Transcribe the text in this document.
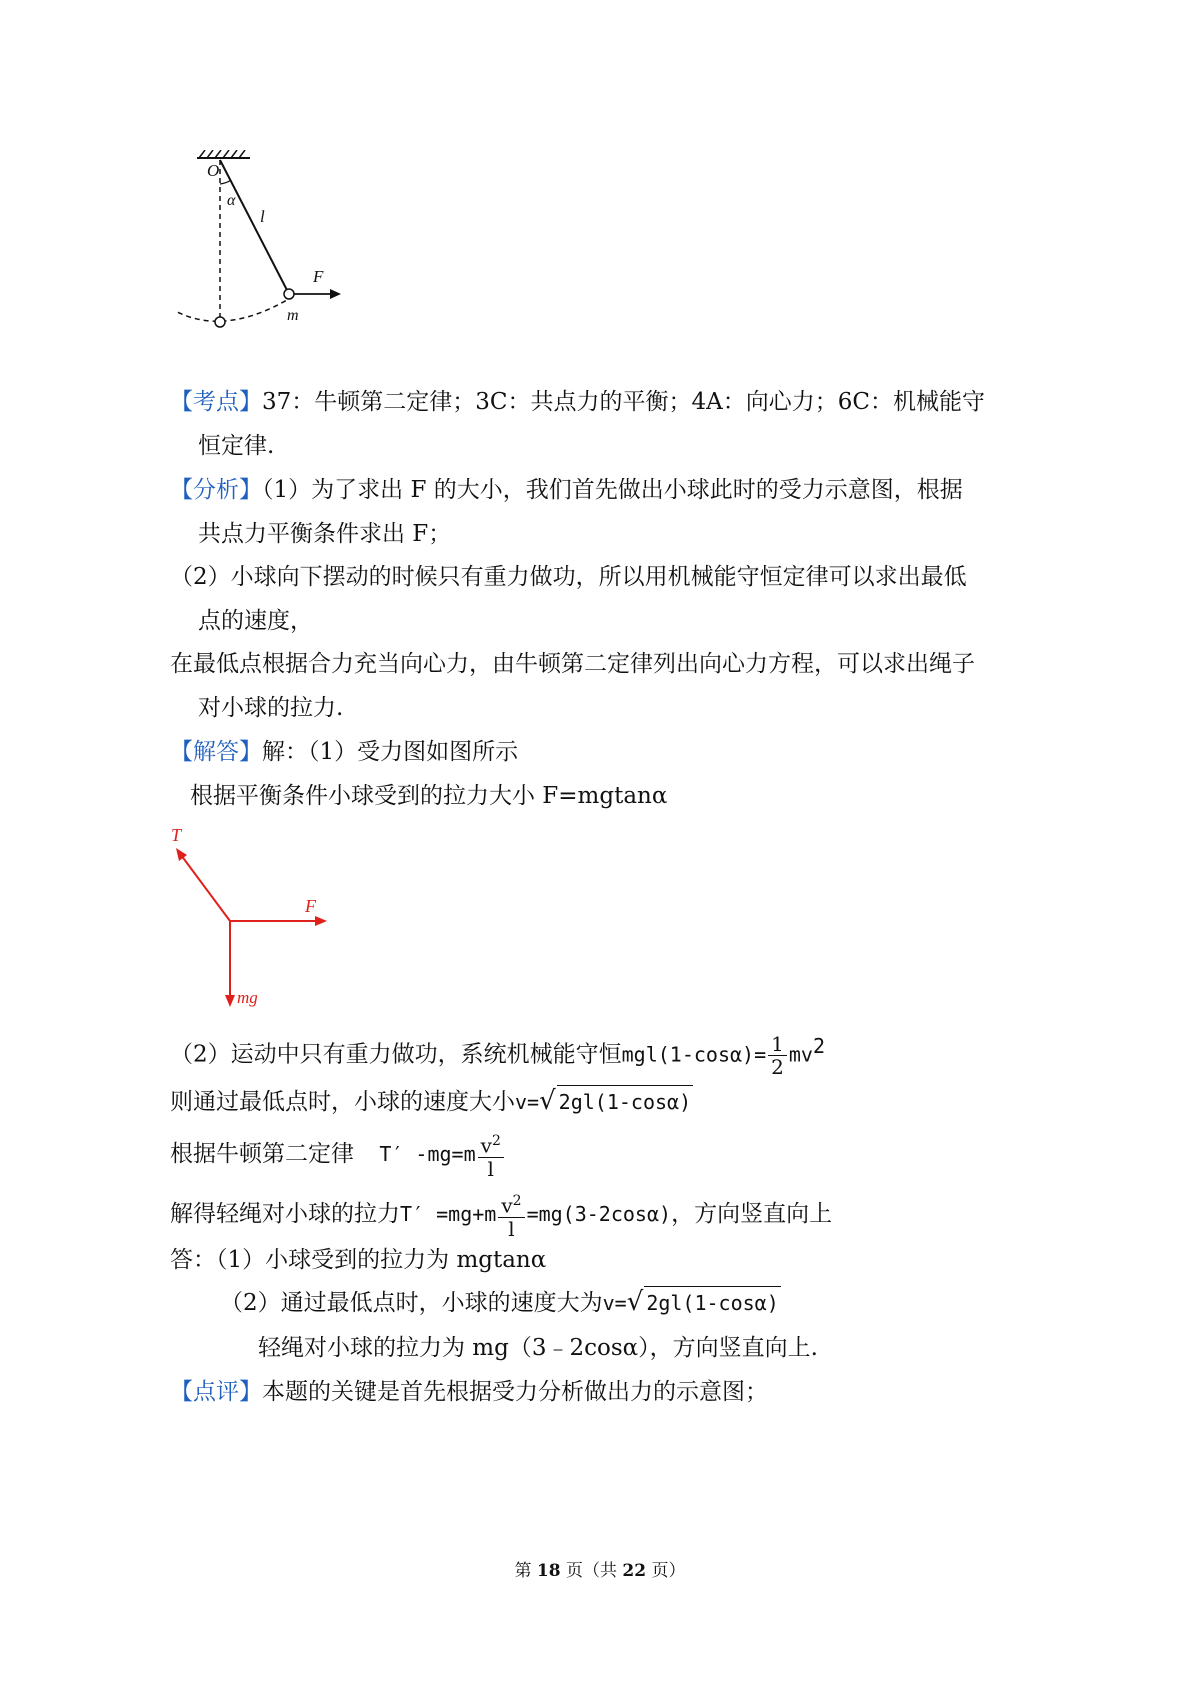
O
α
l
F
m
【考点】37：牛顿第二定律；3C：共点力的平衡；4A：向心力；6C：机械能守
恒定律.
【分析】（1）为了求出 F 的大小，我们首先做出小球此时的受力示意图，根据
共点力平衡条件求出 F；
（2）小球向下摆动的时候只有重力做功，所以用机械能守恒定律可以求出最低
点的速度，
在最低点根据合力充当向心力，由牛顿第二定律列出向心力方程，可以求出绳子
对小球的拉力.
【解答】解：（1）受力图如图所示
根据平衡条件小球受到的拉力大小 F=mgtanα
T
F
mg
（2）运动中只有重力做功，系统机械能守恒$mgl(1-\cos\alpha)= \frac{1}{2} mv^2$
则通过最低点时，小球的速度大小v=√ 2gl(1-cosα)
根据牛顿第二定律 T′ $-mg=m \frac{v^2}{l}$
解得轻绳对小球的拉力$T' =mg+m \frac{v^2}{l} =mg(3-2\cos\alpha)$，方向竖直向上
答：（1）小球受到的拉力为 mgtanα
（2）通过最低点时，小球的速度大为v=√ 2gl(1-cosα)
轻绳对小球的拉力为 mg（3﹣2cosα），方向竖直向上.
【点评】本题的关键是首先根据受力分析做出力的示意图；
第 18 页（共 22 页）
